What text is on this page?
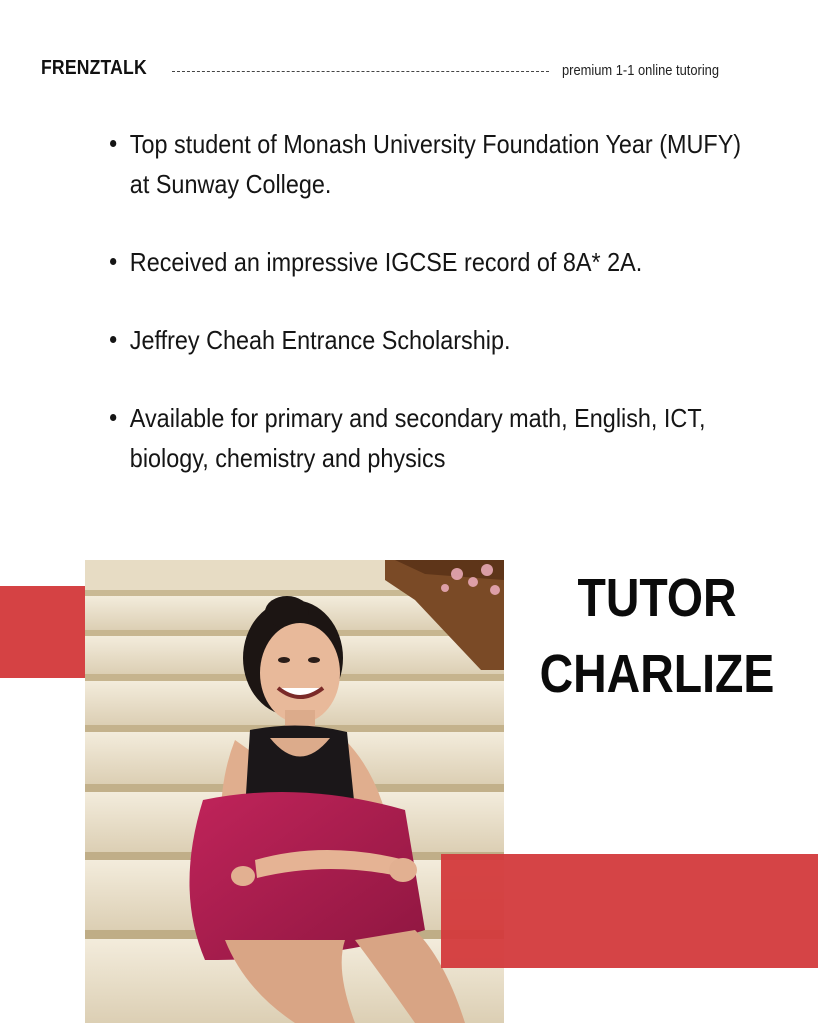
FRENZTALK	premium 1-1 online tutoring
Top student of Monash University Foundation Year (MUFY) at Sunway College.
Received an impressive IGCSE record of 8A* 2A.
Jeffrey Cheah Entrance Scholarship.
Available for primary and secondary math, English, ICT, biology, chemistry and physics
TUTOR
CHARLIZE
